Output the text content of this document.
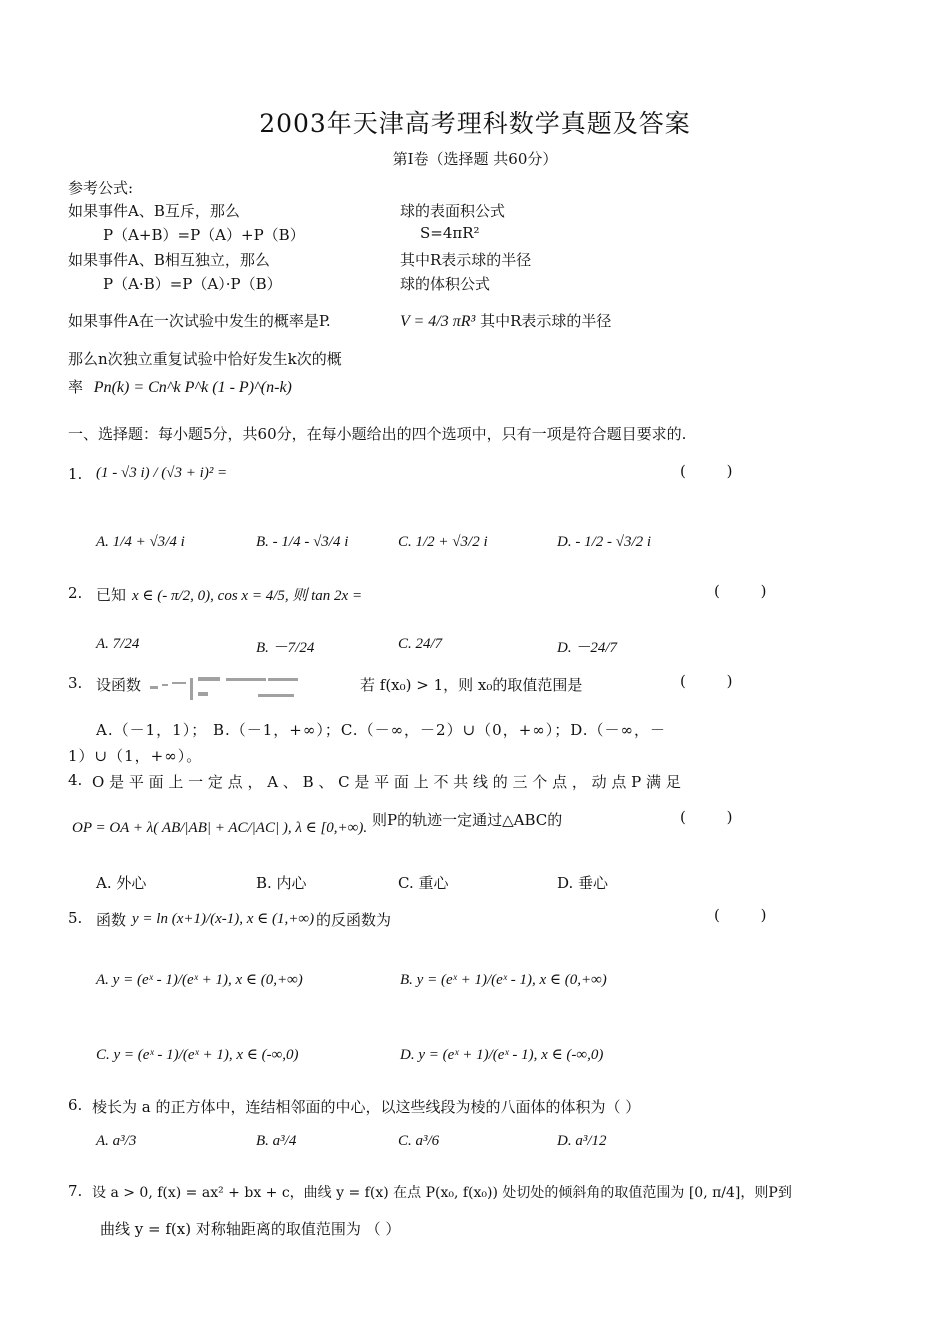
2003年天津高考理科数学真题及答案
第Ⅰ卷（选择题 共60分）
参考公式:
如果事件A、B互斥，那么
P（A+B）=P（A）+P（B）
如果事件A、B相互独立，那么
P（A·B）=P（A）·P（B）
如果事件A在一次试验中发生的概率是P.
那么n次独立重复试验中恰好发生k次的概
率 Pn(k) = Cn^k P^k (1 - P)^(n-k)
球的表面积公式
S=4πR²
其中R表示球的半径
球的体积公式
V = 4/3 πR³ 其中R表示球的半径
一、选择题：每小题5分，共60分，在每小题给出的四个选项中，只有一项是符合题目要求的.
1. (1 - √3 i) / (√3 + i)² =	( )
A. 1/4 + √3/4 i	B. - 1/4 - √3/4 i	C. 1/2 + √3/2 i	D. - 1/2 - √3/2 i
2. 已知 x ∈ (- π/2, 0), cos x = 4/5, 则 tan 2x =	( )
A. 7/24	B. －7/24	C. 24/7	D. －24/7
3. 设函数	若 f(x₀) > 1，则 x₀的取值范围是	( )
A.（－1，1）； B.（－1，+∞）；C.（－∞，－2）∪（0，+∞）；D.（－∞，－
1）∪（1，+∞）。
4. O 是 平 面 上 一 定 点 ， A 、 B 、 C 是 平 面 上 不 共 线 的 三 个 点 ， 动 点 P 满 足
OP = OA + λ( AB/|AB| + AC/|AC| ), λ ∈ [0,+∞). 则P的轨迹一定通过△ABC的	( )
A. 外心	B. 内心	C. 重心	D. 垂心
5. 函数 y = ln (x+1)/(x-1), x ∈ (1,+∞) 的反函数为	( )
A. y = (eˣ - 1)/(eˣ + 1), x ∈ (0,+∞)	B. y = (eˣ + 1)/(eˣ - 1), x ∈ (0,+∞)
C. y = (eˣ - 1)/(eˣ + 1), x ∈ (-∞,0)	D. y = (eˣ + 1)/(eˣ - 1), x ∈ (-∞,0)
6. 棱长为 a 的正方体中，连结相邻面的中心，以这些线段为棱的八面体的体积为（ ）
A. a³/3	B. a³/4	C. a³/6	D. a³/12
7. 设 a > 0, f(x) = ax² + bx + c，曲线 y = f(x) 在点 P(x₀, f(x₀)) 处切处的倾斜角的取值范围为 [0, π/4]，则P到
曲线 y = f(x) 对称轴距离的取值范围为 （ ）
